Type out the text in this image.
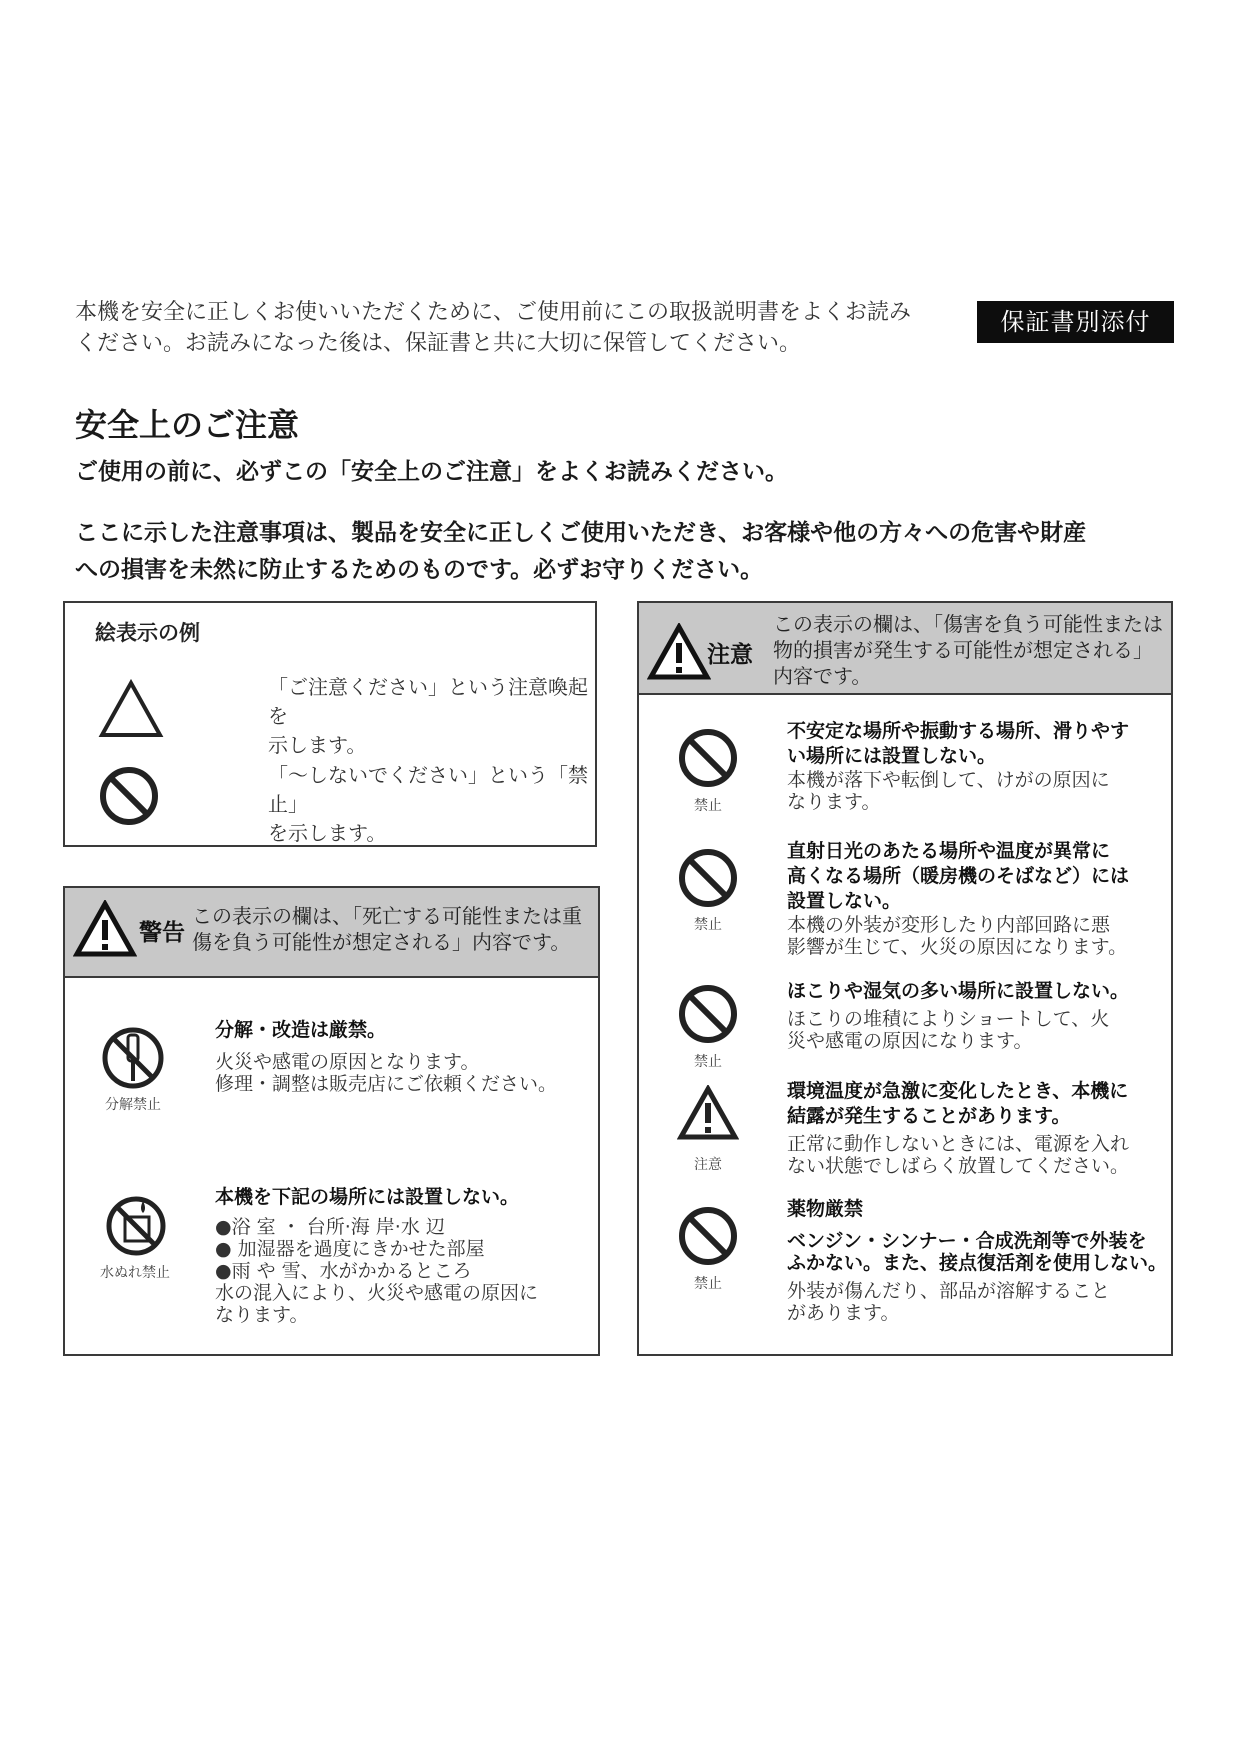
本機を安全に正しくお使いいただくために、ご使用前にこの取扱説明書をよくお読み
ください。お読みになった後は、保証書と共に大切に保管してください。
保証書別添付
安全上のご注意
ご使用の前に、必ずこの「安全上のご注意」をよくお読みください。
ここに示した注意事項は、製品を安全に正しくご使用いただき、お客様や他の方々への危害や財産
への損害を未然に防止するためのものです。必ずお守りください。
絵表示の例
「ご注意ください」という注意喚起を
示します。
「～しないでください」という「禁止」
を示します。
警告
この表示の欄は、「死亡する可能性または重
傷を負う可能性が想定される」内容です。
分解禁止
分解・改造は厳禁。
火災や感電の原因となります。
修理・調整は販売店にご依頼ください。
水ぬれ禁止
本機を下記の場所には設置しない。
●浴 室 ・ 台所·海 岸·水 辺
● 加湿器を過度にきかせた部屋
●雨 や 雪、水がかかるところ
水の混入により、火災や感電の原因に
なります。
注意
この表示の欄は、「傷害を負う可能性または
物的損害が発生する可能性が想定される」
内容です。
禁止
不安定な場所や振動する場所、滑りやす
い場所には設置しない。
本機が落下や転倒して、けがの原因に
なります。
禁止
直射日光のあたる場所や温度が異常に
高くなる場所（暖房機のそばなど）には
設置しない。
本機の外装が変形したり内部回路に悪
影響が生じて、火災の原因になります。
禁止
ほこりや湿気の多い場所に設置しない。
ほこりの堆積によりショートして、火
災や感電の原因になります。
注意
環境温度が急激に変化したとき、本機に
結露が発生することがあります。
正常に動作しないときには、電源を入れ
ない状態でしばらく放置してください。
禁止
薬物厳禁
ベンジン・シンナー・合成洗剤等で外装を
ふかない。また、接点復活剤を使用しない。
外装が傷んだり、部品が溶解すること
があります。
